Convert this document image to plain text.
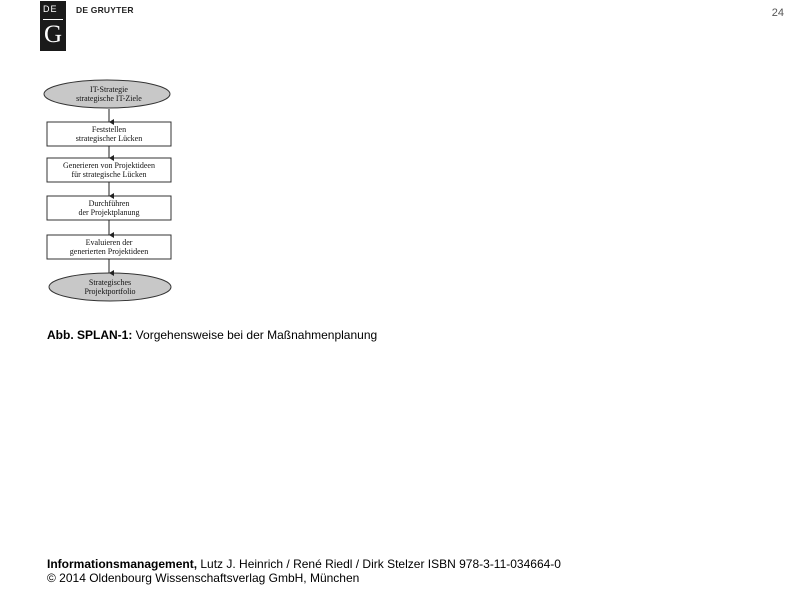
DE
G
DE GRUYTER	24
IT-Strategie
strategische IT-Ziele
Feststellen
strategischer Lücken
Generieren von Projektideen
für strategische Lücken
Durchführen
der Projektplanung
Evaluieren der
generierten Projektideen
Strategisches
Projektportfolio
Abb. SPLAN-1: Vorgehensweise bei der Maßnahmenplanung
Informationsmanagement, Lutz J. Heinrich / René Riedl / Dirk Stelzer ISBN 978-3-11-034664-0
© 2014 Oldenbourg Wissenschaftsverlag GmbH, München
